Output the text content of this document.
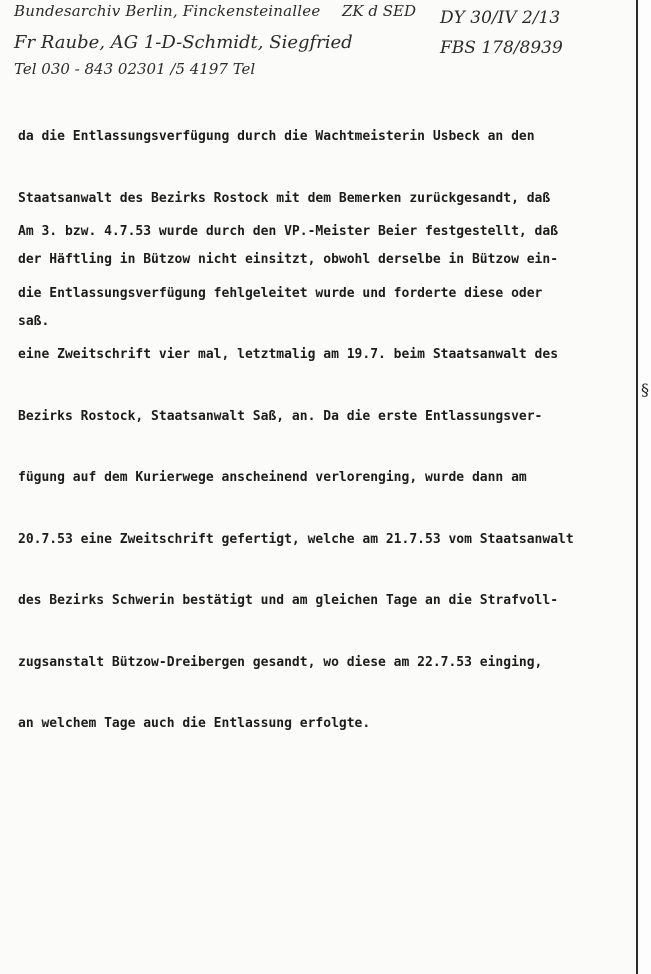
Bundesarchiv Berlin, Finckensteinallee ZK d SED DY 30/IV 2/13
Fr Raube, AG 1-D-Schmidt, Siegfried	FBS 178/8939
Tel 030 - 843 02301 /5 4197 Tel

da die Entlassungsverfügung durch die Wachtmeisterin Usbeck an den

Staatsanwalt des Bezirks Rostock mit dem Bemerken zurückgesandt, daß

der Häftling in Bützow nicht einsitzt, obwohl derselbe in Bützow ein-

saß.

Am 3. bzw. 4.7.53 wurde durch den VP.-Meister Beier festgestellt, daß

die Entlassungsverfügung fehlgeleitet wurde und forderte diese oder

eine Zweitschrift vier mal, letztmalig am 19.7. beim Staatsanwalt des

Bezirks Rostock, Staatsanwalt Saß, an. Da die erste Entlassungsver-

fügung auf dem Kurierwege anscheinend verlorenging, wurde dann am

20.7.53 eine Zweitschrift gefertigt, welche am 21.7.53 vom Staatsanwalt

des Bezirks Schwerin bestätigt und am gleichen Tage an die Strafvoll-

zugsanstalt Bützow-Dreibergen gesandt, wo diese am 22.7.53 einging,

an welchem Tage auch die Entlassung erfolgte.

§
